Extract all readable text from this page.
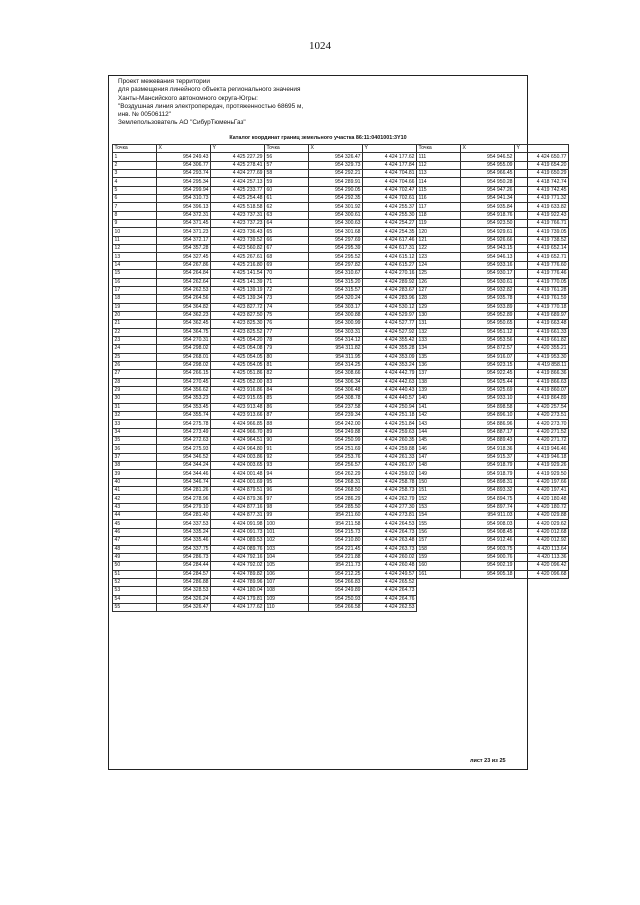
1024
Проект межевания территории
для размещения линейного объекта регионального значения
Ханты-Мансийского автономного округа-Югры:
"Воздушная линия электропередач, протяженностью 68695 м,
инв. № 00506112"
Землепользователь АО "СибурТюменьГаз"
Каталог координат границ земельного участка 86:11:0401001:3Y10
Точка	X	Y	Точка	X	Y	Точка	X	Y
1	954 249.43	4 425 227.29	56	954 326.47	4 424 177.62	111	954 946.52	4 424 650.77
2	954 306.77	4 425 278.41	57	954 329.73	4 424 177.84	112	954 955.09	4 419 654.20
3	954 293.74	4 424 277.69	58	954 292.21	4 424 704.81	113	954 966.45	4 419 650.29
4	954 295.34	4 424 257.13	59	954 289.91	4 424 704.66	114	954 950.28	4 418 742.74
5	954 299.94	4 425 233.77	60	954 290.05	4 424 702.47	115	954 947.26	4 419 742.45
6	954 310.73	4 425 254.48	61	954 292.35	4 424 702.61	116	954 941.34	4 419 771.32
7	954 396.13	4 425 518.58	62	954 301.92	4 424 255.37	117	954 935.84	4 419 633.82
8	954 372.31	4 423 737.31	63	954 300.61	4 424 255.30	118	954 918.76	4 419 922.43
9	954 371.45	4 423 737.23	64	954 300.63	4 424 254.27	119	954 923.50	4 419 766.71
10	954 371.23	4 423 736.43	65	954 301.68	4 424 254.35	120	954 929.61	4 419 739.05
11	954 372.17	4 423 739.52	66	954 297.69	4 424 617.46	121	954 926.66	4 419 738.52
12	954 357.28	4 423 560.82	67	954 295.39	4 424 617.31	122	954 943.15	4 419 652.14
13	954 327.45	4 425 267.61	68	954 295.52	4 424 615.12	123	954 946.13	4 419 652.71
14	954 267.86	4 425 216.80	69	954 297.82	4 424 615.27	124	954 933.16	4 419 776.60
15	954 264.84	4 425 141.54	70	954 310.67	4 424 270.16	125	954 930.17	4 419 776.46
16	954 262.64	4 425 141.39	71	954 315.20	4 424 289.92	126	954 930.61	4 419 770.05
17	954 262.53	4 425 139.19	72	954 315.57	4 424 283.67	127	954 932.82	4 419 761.28
18	954 264.56	4 425 139.34	73	954 320.24	4 424 283.96	128	954 935.78	4 419 761.59
19	954 364.82	4 423 827.72	74	954 303.17	4 424 530.12	129	954 933.89	4 419 770.18
20	954 362.23	4 423 827.50	75	954 300.88	4 424 529.97	130	954 952.89	4 419 689.97
21	954 362.45	4 423 825.30	76	954 300.99	4 424 527.77	131	954 950.65	4 419 663.48
22	954 364.75	4 423 825.52	77	954 303.31	4 424 527.92	132	954 951.12	4 419 661.33
23	954 270.31	4 425 054.20	78	954 314.12	4 424 355.42	133	954 953.56	4 419 661.82
24	954 298.02	4 425 054.08	79	954 311.82	4 424 355.28	134	954 872.57	4 420 355.21
25	954 268.01	4 425 054.05	80	954 311.95	4 424 353.09	135	954 916.07	4 419 953.30
26	954 298.02	4 425 054.05	81	954 314.25	4 424 353.24	136	954 923.15	4 419 858.11
27	954 266.15	4 425 051.86	82	954 308.66	4 424 442.79	137	954 922.45	4 419 866.36
28	954 270.45	4 425 052.00	83	954 306.34	4 424 442.63	138	954 925.44	4 419 866.63
29	954 356.62	4 423 916.86	84	954 306.48	4 424 440.43	139	954 925.69	4 419 860.07
30	954 353.23	4 423 915.65	85	954 308.78	4 424 440.57	140	954 933.10	4 419 864.89
31	954 353.45	4 423 913.48	86	954 237.58	4 424 250.94	141	954 898.58	4 420 257.54
32	954 355.74	4 423 913.66	87	954 239.34	4 424 251.18	142	954 896.10	4 420 273.51
33	954 275.78	4 424 966.85	88	954 242.00	4 424 251.84	143	954 886.96	4 420 273.70
34	954 273.49	4 424 966.70	89	954 249.88	4 424 259.63	144	954 887.17	4 420 271.52
35	954 272.63	4 424 964.51	90	954 250.99	4 424 260.35	145	954 889.43	4 420 271.72
36	954 275.93	4 424 964.80	91	954 251.69	4 424 259.88	146	954 918.36	4 419 946.46
37	954 346.52	4 424 003.86	92	954 253.76	4 424 261.33	147	954 915.37	4 419 946.18
38	954 344.24	4 424 003.65	93	954 256.57	4 424 261.07	148	954 918.79	4 419 929.26
39	954 344.46	4 424 001.48	94	954 262.29	4 424 259.02	149	954 918.79	4 419 929.50
40	954 346.74	4 424 001.69	95	954 268.31	4 424 258.78	150	954 898.31	4 420 197.66
41	954 281.26	4 424 879.51	96	954 268.50	4 424 258.73	151	954 893.32	4 420 197.41
42	954 278.96	4 424 879.36	97	954 286.29	4 424 262.79	152	954 894.75	4 420 180.48
43	954 279.10	4 424 877.16	98	954 285.50	4 424 277.30	153	954 897.74	4 420 180.72
44	954 281.40	4 424 877.31	99	954 211.60	4 424 273.81	154	954 911.03	4 420 029.88
45	954 337.53	4 424 091.98	100	954 211.58	4 424 264.53	155	954 908.03	4 420 029.62
46	954 335.24	4 424 091.73	101	954 215.73	4 424 264.73	156	954 908.45	4 420 012.68
47	954 335.46	4 424 089.53	102	954 210.80	4 424 263.48	157	954 912.46	4 420 012.92
48	954 337.75	4 424 089.76	103	954 221.45	4 424 263.73	158	954 903.75	4 420 113.64
49	954 286.73	4 424 792.16	104	954 221.88	4 424 260.02	159	954 900.76	4 420 113.36
50	954 284.44	4 424 792.02	105	954 211.73	4 424 260.48	160	954 902.19	4 420 096.42
51	954 284.57	4 424 789.82	106	954 212.25	4 424 249.57	161	954 905.18	4 420 096.68
52	954 286.88	4 424 789.96	107	954 266.83	4 424 265.52			
53	954 328.53	4 424 180.04	108	954 249.89	4 424 264.73			
54	954 326.24	4 424 179.81	109	954 250.93	4 424 264.76			
55	954 326.47	4 424 177.62	110	954 266.58	4 424 262.53			
лист 23 из 25
